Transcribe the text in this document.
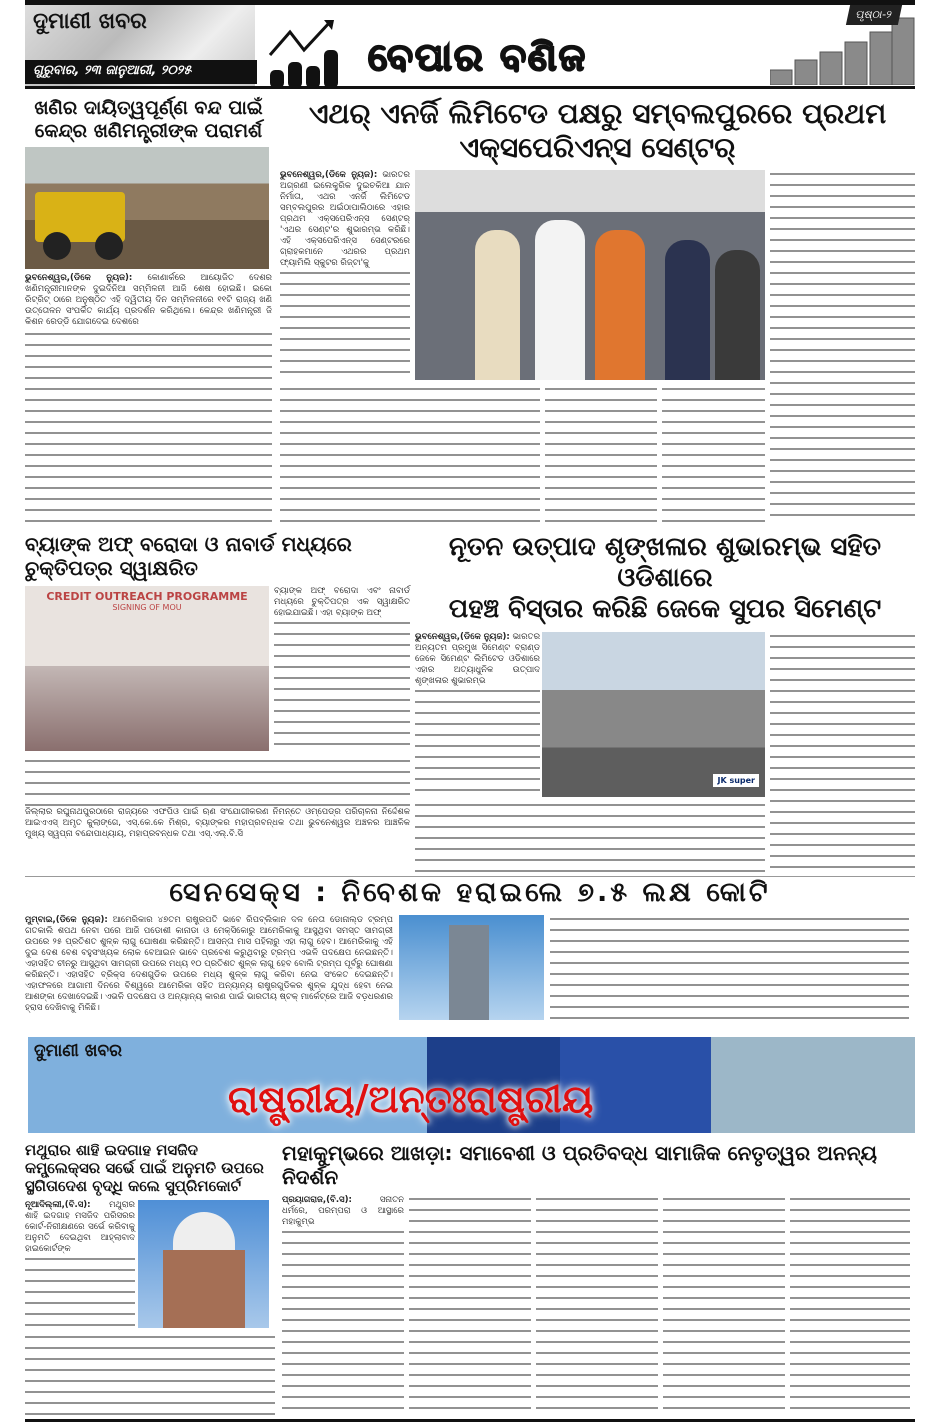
ଦୁମାଣୀ ଖବର
ଗୁରୁବାର, ୨୩ ଜାନୁଆରୀ, ୨୦୨୫	ବେପାର ବଣିଜ
ପୃଷ୍ଠା-୨
ଖଣିର ଦାୟିତ୍ୱପୂର୍ଣ୍ଣ ବନ୍ଦ ପାଇଁ କେନ୍ଦ୍ର ଖଣିମନ୍ତ୍ରୀଙ୍କ ପରାମର୍ଶ
ଭୁବନେଶ୍ୱର,(ଡିକେ ନ୍ୟୁଜ): କୋଣାର୍କରେ ଆୟୋଜିତ ଦେଶର ଖଣିମନ୍ତ୍ରୀମାନଙ୍କ ଦୁଇଦିନିଆ ସମ୍ମିଳନୀ ଆଜି ଶେଷ ହୋଇଛି। ଇକୋ ରିଟ୍ରିଟ୍ ଠାରେ ଅନୁଷ୍ଠିତ ଏହି ଦ୍ୱିତୀୟ ଦିନ ସମ୍ମିଳନୀରେ ୧୧ଟି ରାଜ୍ୟ ଖଣି ଉତ୍ତୋଳନ ସଂପର୍କିତ କାର୍ଯ୍ୟ ପ୍ରଦର୍ଶନ କରିଥିଲେ। କେନ୍ଦ୍ର ଖଣିମନ୍ତ୍ରୀ ଜି କିଶନ ରେଡ୍ଡି ଯୋଗଦେଇ ଦେଶରେ
ଏଥର୍ ଏନର୍ଜି ଲିମିଟେଡ ପକ୍ଷରୁ ସମ୍ବଲପୁରରେ ପ୍ରଥମ ଏକ୍ସପେରିଏନ୍ସ ସେଣ୍ଟର୍
ଭୁବନେଶ୍ୱର,(ଡିକେ ନ୍ୟୁଜ): ଭାରତର ଅଗ୍ରଣୀ ଇଲେକ୍ଟ୍ରିକ ଦୁଇଚକିଆ ଯାନ ନିର୍ମାତା, ଏଥର ଏନର୍ଜି ଲିମିଟେଡ ସମ୍ବଲପୁରର ଅଇଁଠାପାଲିଠାରେ ଏହାର ପ୍ରଥମ ଏକ୍ସପେରିଏନ୍ସ ସେଣ୍ଟର୍ 'ଏଥର ସେଣ୍ଟ'ର ଶୁଭାରମ୍ଭ କରିଛି। ଏହି ଏକ୍ସପେରିଏନ୍ସ ସେଣ୍ଟରରେ ଗ୍ରାହକମାନେ ଏଥରର ପ୍ରଥମ ଫ୍ୟାମିଲି ସ୍କୁଟର ରିଜ୍ଟା'କୁ
ବ୍ୟାଙ୍କ ଅଫ୍ ବରୋଦା ଓ ନାବାର୍ଡ ମଧ୍ୟରେ ଚୁକ୍ତିପତ୍ର ସ୍ୱାକ୍ଷରିତ
CREDIT OUTREACH PROGRAMME
SIGNING OF MOU
ବ୍ୟାଙ୍କ ଅଫ୍ ବରୋଦା ଏବଂ ନାବାର୍ଡ ମଧ୍ୟରେ ଚୁକ୍ତିପତ୍ର ଏକ ସ୍ୱାକ୍ଷରିତ ହୋଇଯାଇଛି। ଏହା ବ୍ୟାଙ୍କ ଅଫ୍
ଜିଲ୍ଲାର ରଘୁନାଥପୁରଠାରେ ରାଜ୍ୟରେ ଏଫପିଓ ପାଇଁ ଋଣ ସଂଯୋଗୀକରଣ ନିମନ୍ତେ ଓମ୍ପେଡ୍‌ର ପରିଚାଳନା ନିର୍ଦ୍ଦେଶକ ଆଇଏଏସ୍ ଅମୃତ କୁଲାଙ୍ଗେ, ଏସ୍.କେ.କେ ମିଶ୍ର, ବ୍ୟାଙ୍କର ମହାପ୍ରବନ୍ଧକ ତଥା ଭୁବନେଶ୍ୱର ଅଞ୍ଚଳର ଆଞ୍ଚଳିକ ମୁଖ୍ୟ ସ୍ୱପ୍ନା ବନ୍ଦୋପାଧ୍ୟାୟ, ମହାପ୍ରବନ୍ଧକ ତଥା ଏସ୍.ଏଲ୍.ବି.ସି
ନୂତନ ଉତ୍ପାଦ ଶୃଙ୍ଖଳାର ଶୁଭାରମ୍ଭ ସହିତ ଓଡିଶାରେ
ପହଞ୍ଚ ବିସ୍ତାର କରିଛି ଜେକେ ସୁପର ସିମେଣ୍ଟ
ଭୁବନେଶ୍ୱର,(ଡିକେ ନ୍ୟୁଜ): ଭାରତର ଅନ୍ୟତମ ପ୍ରମୁଖ ସିମେଣ୍ଟ ବ୍ରାଣ୍ଡ ଜେକେ ସିମେଣ୍ଟ ଲିମିଟେଡ ଓଡିଶାରେ ଏହାର ଅତ୍ୟାଧୁନିକ ଉତ୍ପାଦ ଶୃଙ୍ଖଳାର ଶୁଭାରମ୍ଭ
JK super
ସେନସେକ୍ସ : ନିବେଶକ ହରାଇଲେ ୭.୫ ଲକ୍ଷ କୋଟି
ମୁମ୍ବାଇ,(ଡିକେ ନ୍ୟୁଜ): ଆମେରିକାର ୪୭ତମ ରାଷ୍ଟ୍ରପତି ଭାବେ ରିପବ୍ଲିକାନ ଦଳ ନେତା ଡୋନାଲ୍ଡ ଟ୍ରମ୍ପ ଗତକାଲି ଶପଥ ନେବା ପରେ ଆଜି ପଡୋଶୀ କାନାଡା ଓ ମେକ୍ସିକୋରୁ ଆମେରିକାକୁ ଆସୁଥିବା ସମସ୍ତ ସାମଗ୍ରୀ ଉପରେ ୨୫ ପ୍ରତିଶତ ଶୁଳ୍କ ଲାଗୁ ଘୋଷଣା କରିଛନ୍ତି। ଆସନ୍ତା ମାସ ପହିଲାରୁ ଏହା ଲାଗୁ ହେବ। ଆମେରିକାକୁ ଏହି ଦୁଇ ଦେଶ ବେଶ ବହୁସଂଖ୍ୟକ ଲୋକ ବେଆଇନ ଭାବେ ପ୍ରବେଶ କରୁଥିବାରୁ ଟ୍ରମ୍ପ ଏଭଳି ପଦକ୍ଷେପ ନେଇଛନ୍ତି। ଏହାସହିତ ଚୀନରୁ ଆସୁଥିବା ସାମଗ୍ରୀ ଉପରେ ମଧ୍ୟ ୧୦ ପ୍ରତିଶତ ଶୁଳ୍କ ଲାଗୁ ହେବ ବୋଲି ଟ୍ରମ୍ପ ପୂର୍ବରୁ ଘୋଷଣା କରିଛନ୍ତି। ଏହାସହିତ ବ୍ରିକ୍ସ ଦେଶଗୁଡିକ ଉପରେ ମଧ୍ୟ ଶୁଳ୍କ ଲାଗୁ କରିବା ନେଇ ସଂକେତ ଦେଇଛନ୍ତି। ଏହାଫଳରେ ଆଗାମୀ ଦିନରେ ବିଶ୍ୱରେ ଆମେରିକା ସହିତ ଅନ୍ୟାନ୍ୟ ରାଷ୍ଟ୍ରଗୁଡିକର ଶୁଳ୍କ ଯୁଦ୍ଧ ହେବା ନେଇ ଆଶଙ୍କା ଦେଖାଦେଇଛି। ଏଭଳି ପଦକ୍ଷେପ ଓ ଅନ୍ୟାନ୍ୟ କାରଣ ପାଇଁ ଭାରତୀୟ ଷ୍ଟକ୍ ମାର୍କେଟ୍‌ରେ ଆଜି ବଡ଼ଧରଣର ହ୍ରାସ ଦେଖିବାକୁ ମିଳିଛି।
ଦୁମାଣୀ ଖବର
ରାଷ୍ଟ୍ରୀୟ/ଅନ୍ତଃରାଷ୍ଟ୍ରୀୟ
ମଥୁରାର ଶାହି ଇଦଗାହ ମସଜିଦ କମ୍ପ୍ଲେକ୍ସର ସର୍ଭେ ପାଇଁ ଅନୁମତି ଉପରେ ସ୍ଥଗିତାଦେଶ ବୃଦ୍ଧି କଲେ ସୁପ୍ରିମକୋର୍ଟ
ନୂଆଦିଲ୍ଲୀ,(ବି.ସ): ମଥୁରାର ଶାହି ଇଦଗାହ ମସଜିଦ ପରିସରର କୋର୍ଟ-ନିରୀକ୍ଷଣରେ ସର୍ଭେ କରିବାକୁ ଅନୁମତି ଦେଇଥିବା ଆହ୍ଲାବାଦ ହାଇକୋର୍ଟଙ୍କ
ମହାକୁମ୍ଭରେ ଆଖଡ଼ା: ସମାବେଶୀ ଓ ପ୍ରତିବଦ୍ଧ ସାମାଜିକ ନେତୃତ୍ୱର ଅନନ୍ୟ ନିଦର୍ଶନ
ପ୍ରୟାଗରାଜ,(ବି.ସ):	ସନାତନ ଧର୍ମରେ, ପରମ୍ପରା ଓ ଆସ୍ଥାରେ ମହାକୁମ୍ଭ
